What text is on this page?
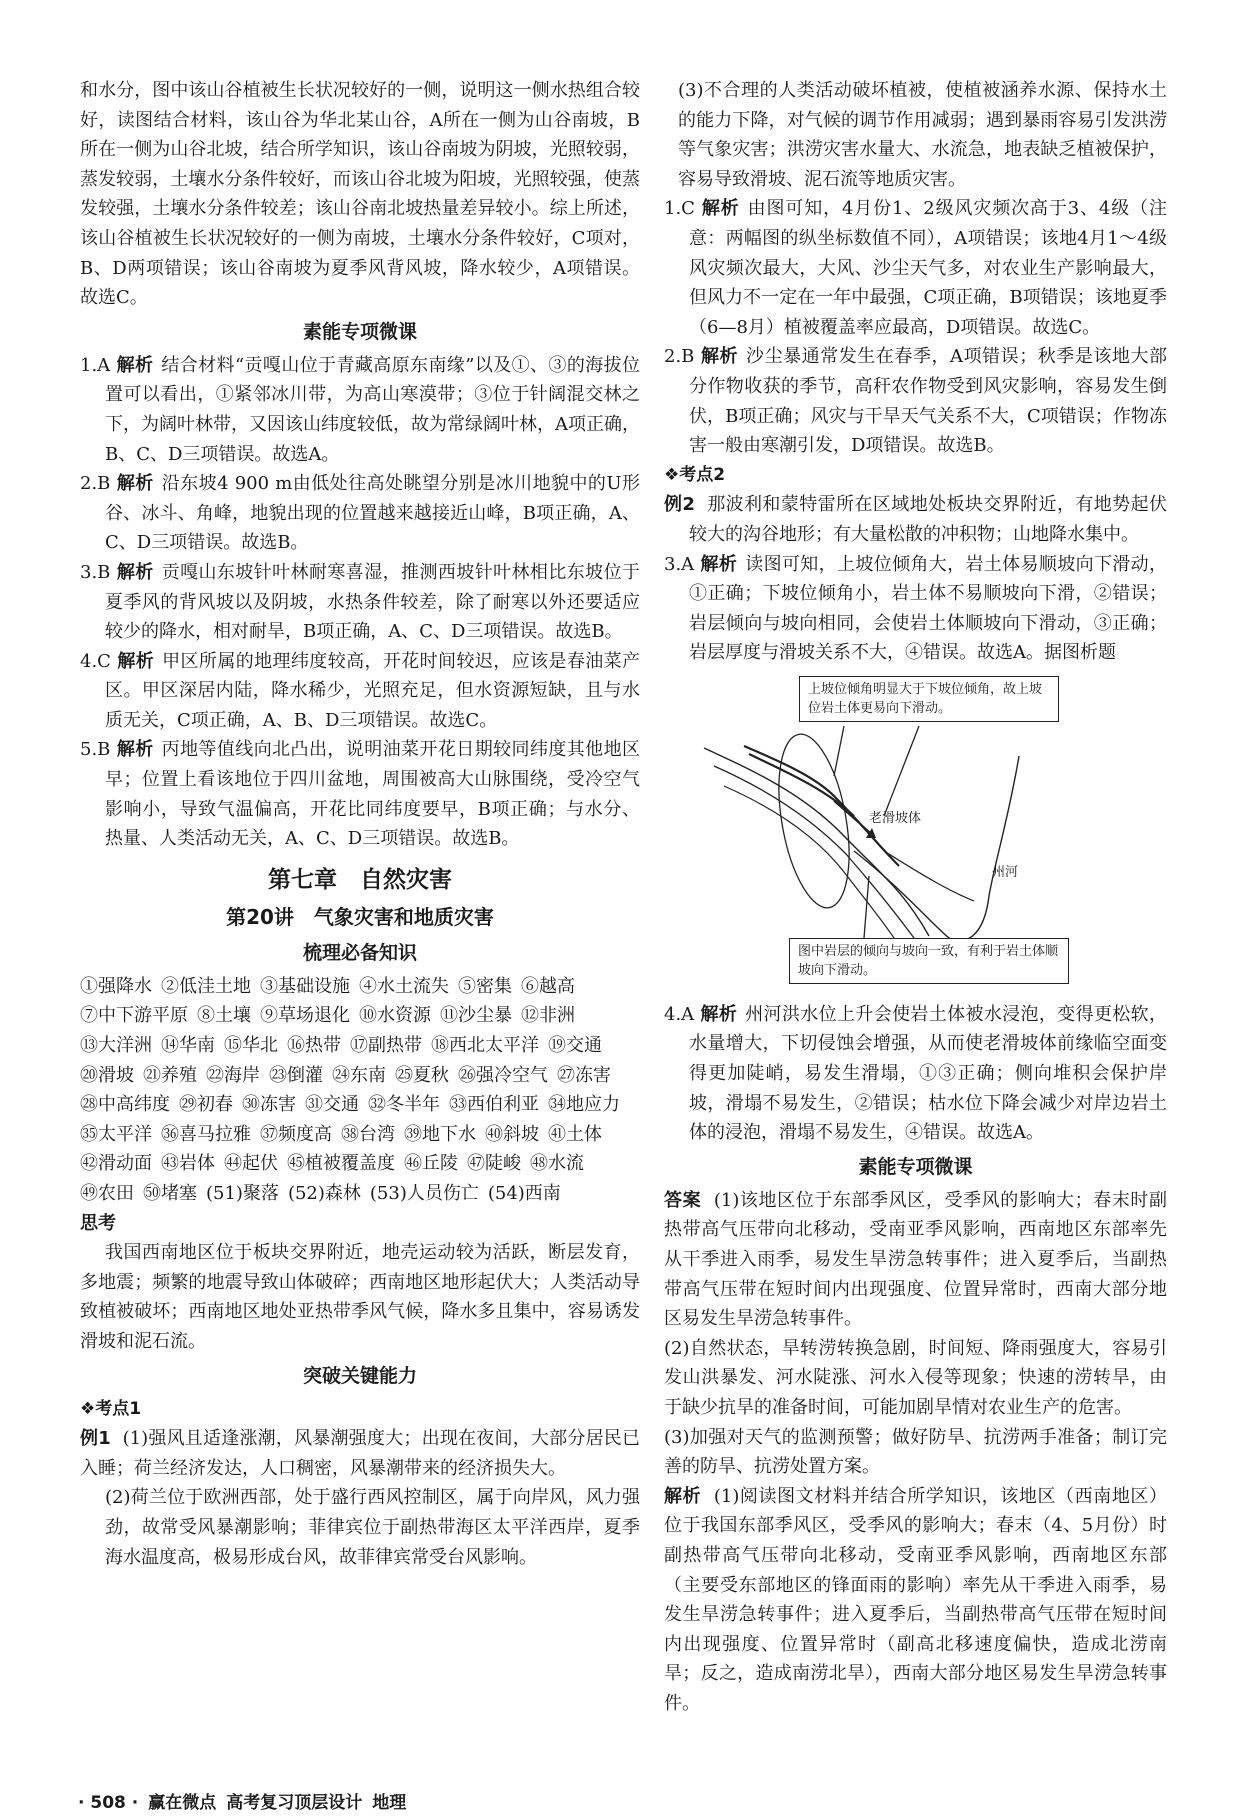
和水分，图中该山谷植被生长状况较好的一侧，说明这一侧水热组合较好，读图结合材料，该山谷为华北某山谷，A所在一侧为山谷南坡，B所在一侧为山谷北坡，结合所学知识，该山谷南坡为阴坡，光照较弱，蒸发较弱，土壤水分条件较好，而该山谷北坡为阳坡，光照较强，使蒸发较强，土壤水分条件较差；该山谷南北坡热量差异较小。综上所述，该山谷植被生长状况较好的一侧为南坡，土壤水分条件较好，C项对，B、D两项错误；该山谷南坡为夏季风背风坡，降水较少，A项错误。故选C。

素能专项微课

1.A 解析 结合材料“贡嘎山位于青藏高原东南缘”以及①、③的海拔位置可以看出，①紧邻冰川带，为高山寒漠带；③位于针阔混交林之下，为阔叶林带，又因该山纬度较低，故为常绿阔叶林，A项正确，B、C、D三项错误。故选A。

2.B 解析 沿东坡4 900 m由低处往高处眺望分别是冰川地貌中的U形谷、冰斗、角峰，地貌出现的位置越来越接近山峰，B项正确，A、C、D三项错误。故选B。

3.B 解析 贡嘎山东坡针叶林耐寒喜湿，推测西坡针叶林相比东坡位于夏季风的背风坡以及阴坡，水热条件较差，除了耐寒以外还要适应较少的降水，相对耐旱，B项正确，A、C、D三项错误。故选B。

4.C 解析 甲区所属的地理纬度较高，开花时间较迟，应该是春油菜产区。甲区深居内陆，降水稀少，光照充足，但水资源短缺，且与水质无关，C项正确，A、B、D三项错误。故选C。

5.B 解析 丙地等值线向北凸出，说明油菜开花日期较同纬度其他地区早；位置上看该地位于四川盆地，周围被高大山脉围绕，受冷空气影响小，导致气温偏高，开花比同纬度要早，B项正确；与水分、热量、人类活动无关，A、C、D三项错误。故选B。

第七章　自然灾害
第20讲　气象灾害和地质灾害
梳理必备知识
①强降水 ②低洼土地 ③基础设施 ④水土流失 ⑤密集 ⑥越高
⑦中下游平原 ⑧土壤 ⑨草场退化 ⑩水资源 ⑪沙尘暴 ⑫非洲
⑬大洋洲 ⑭华南 ⑮华北 ⑯热带 ⑰副热带 ⑱西北太平洋 ⑲交通
⑳滑坡 ㉑养殖 ㉒海岸 ㉓倒灌 ㉔东南 ㉕夏秋 ㉖强冷空气 ㉗冻害
㉘中高纬度 ㉙初春 ㉚冻害 ㉛交通 ㉜冬半年 ㉝西伯利亚 ㉞地应力
㉟太平洋 ㊱喜马拉雅 ㊲频度高 ㊳台湾 ㊴地下水 ㊵斜坡 ㊶土体
㊷滑动面 ㊸岩体 ㊹起伏 ㊺植被覆盖度 ㊻丘陵 ㊼陡峻 ㊽水流
㊾农田 ㊿堵塞 (51)聚落 (52)森林 (53)人员伤亡 (54)西南
思考

我国西南地区位于板块交界附近，地壳运动较为活跃，断层发育，多地震；频繁的地震导致山体破碎；西南地区地形起伏大；人类活动导致植被破坏；西南地区地处亚热带季风气候，降水多且集中，容易诱发滑坡和泥石流。

突破关键能力
❖考点1

例1 (1)强风且适逢涨潮，风暴潮强度大；出现在夜间，大部分居民已入睡；荷兰经济发达，人口稠密，风暴潮带来的经济损失大。

(2)荷兰位于欧洲西部，处于盛行西风控制区，属于向岸风，风力强劲，故常受风暴潮影响；菲律宾位于副热带海区太平洋西岸，夏季海水温度高，极易形成台风，故菲律宾常受台风影响。

(3)不合理的人类活动破坏植被，使植被涵养水源、保持水土的能力下降，对气候的调节作用减弱；遇到暴雨容易引发洪涝等气象灾害；洪涝灾害水量大、水流急，地表缺乏植被保护，容易导致滑坡、泥石流等地质灾害。

1.C 解析 由图可知，4月份1、2级风灾频次高于3、4级（注意：两幅图的纵坐标数值不同），A项错误；该地4月1～4级风灾频次最大，大风、沙尘天气多，对农业生产影响最大，但风力不一定在一年中最强，C项正确，B项错误；该地夏季（6—8月）植被覆盖率应最高，D项错误。故选C。

2.B 解析 沙尘暴通常发生在春季，A项错误；秋季是该地大部分作物收获的季节，高秆农作物受到风灾影响，容易发生倒伏，B项正确；风灾与干旱天气关系不大，C项错误；作物冻害一般由寒潮引发，D项错误。故选B。

❖考点2

例2 那波利和蒙特雷所在区域地处板块交界附近，有地势起伏较大的沟谷地形；有大量松散的冲积物；山地降水集中。

3.A 解析 读图可知，上坡位倾角大，岩土体易顺坡向下滑动，①正确；下坡位倾角小，岩土体不易顺坡向下滑，②错误；岩层倾向与坡向相同，会使岩土体顺坡向下滑动，③正确；岩层厚度与滑坡关系不大，④错误。故选A。据图析题

上坡位倾角明显大于下坡位倾角，故上坡位岩土体更易向下滑动。
老滑坡体
州河
图中岩层的倾向与坡向一致，有利于岩土体顺坡向下滑动。

4.A 解析 州河洪水位上升会使岩土体被水浸泡，变得更松软，水量增大，下切侵蚀会增强，从而使老滑坡体前缘临空面变得更加陡峭，易发生滑塌，①③正确；侧向堆积会保护岸坡，滑塌不易发生，②错误；枯水位下降会减少对岸边岩土体的浸泡，滑塌不易发生，④错误。故选A。

素能专项微课

答案 (1)该地区位于东部季风区，受季风的影响大；春末时副热带高气压带向北移动，受南亚季风影响，西南地区东部率先从干季进入雨季，易发生旱涝急转事件；进入夏季后，当副热带高气压带在短时间内出现强度、位置异常时，西南大部分地区易发生旱涝急转事件。

(2)自然状态，旱转涝转换急剧，时间短、降雨强度大，容易引发山洪暴发、河水陡涨、河水入侵等现象；快速的涝转旱，由于缺少抗旱的准备时间，可能加剧旱情对农业生产的危害。

(3)加强对天气的监测预警；做好防旱、抗涝两手准备；制订完善的防旱、抗涝处置方案。

解析 (1)阅读图文材料并结合所学知识，该地区（西南地区）位于我国东部季风区，受季风的影响大；春末（4、5月份）时副热带高气压带向北移动，受南亚季风影响，西南地区东部（主要受东部地区的锋面雨的影响）率先从干季进入雨季，易发生旱涝急转事件；进入夏季后，当副热带高气压带在短时间内出现强度、位置异常时（副高北移速度偏快，造成北涝南旱；反之，造成南涝北旱），西南大部分地区易发生旱涝急转事件。

· 508 · 赢在微点 高考复习顶层设计 地理
